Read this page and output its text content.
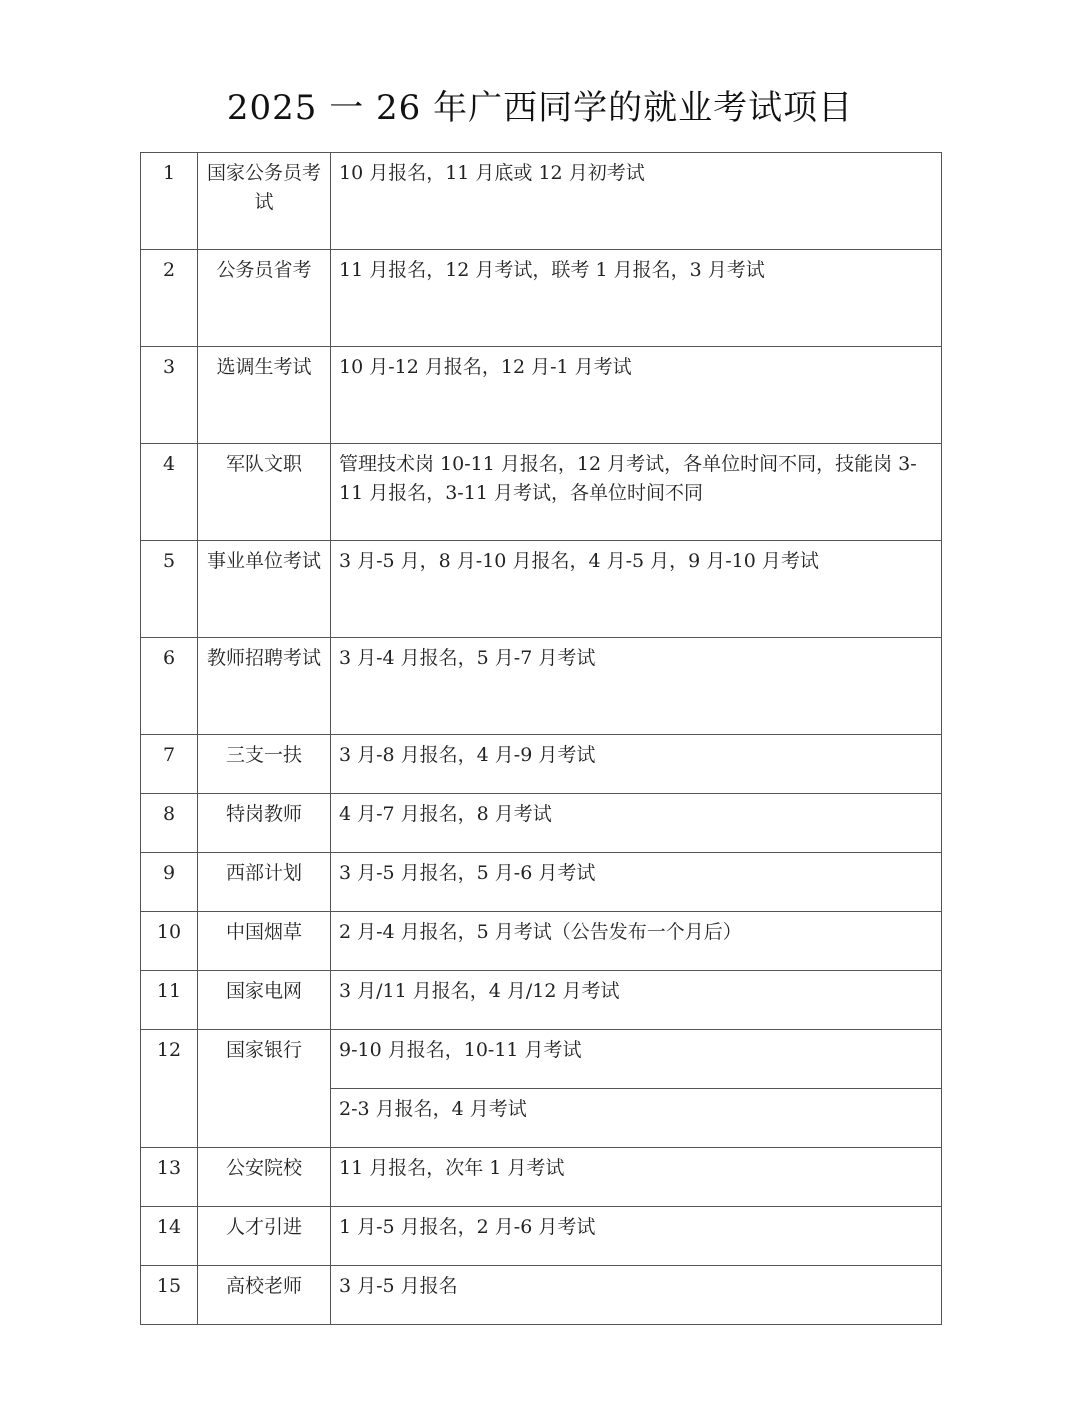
2025 一 26 年广西同学的就业考试项目
1	国家公务员考试	10 月报名，11 月底或 12 月初考试
2	公务员省考	11 月报名，12 月考试，联考 1 月报名，3 月考试
3	选调生考试	10 月-12 月报名，12 月-1 月考试
4	军队文职	管理技术岗 10-11 月报名，12 月考试，各单位时间不同，技能岗 3-11 月报名，3-11 月考试，各单位时间不同
5	事业单位考试	3 月-5 月，8 月-10 月报名，4 月-5 月，9 月-10 月考试
6	教师招聘考试	3 月-4 月报名，5 月-7 月考试
7	三支一扶	3 月-8 月报名，4 月-9 月考试
8	特岗教师	4 月-7 月报名，8 月考试
9	西部计划	3 月-5 月报名，5 月-6 月考试
10	中国烟草	2 月-4 月报名，5 月考试（公告发布一个月后）
11	国家电网	3 月/11 月报名，4 月/12 月考试
12	国家银行	9-10 月报名，10-11 月考试
		2-3 月报名，4 月考试
13	公安院校	11 月报名，次年 1 月考试
14	人才引进	1 月-5 月报名，2 月-6 月考试
15	高校老师	3 月-5 月报名
